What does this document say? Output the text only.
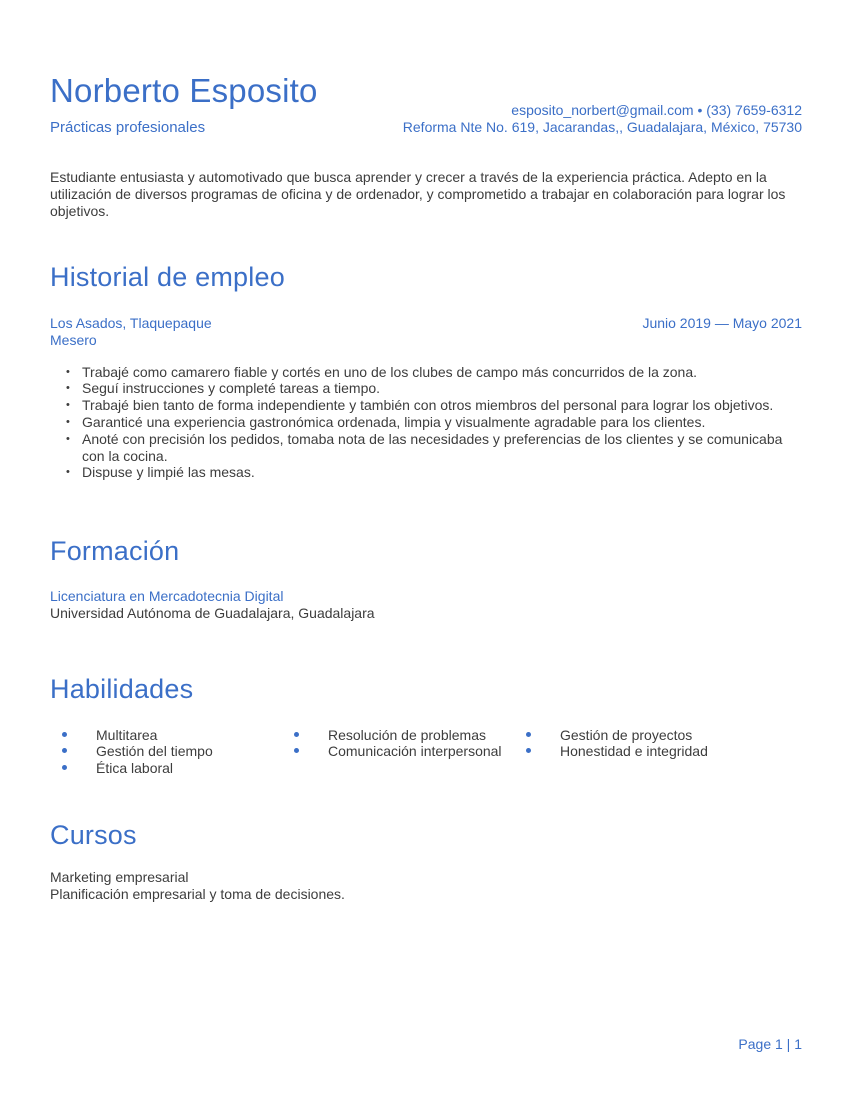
Norberto Esposito
Prácticas profesionales
esposito_norbert@gmail.com • (33) 7659-6312
Reforma Nte No. 619, Jacarandas,, Guadalajara, México, 75730

Estudiante entusiasta y automotivado que busca aprender y crecer a través de la experiencia práctica. Adepto en la utilización de diversos programas de oficina y de ordenador, y comprometido a trabajar en colaboración para lograr los objetivos.

Historial de empleo
Los Asados, Tlaquepaque	Junio 2019 — Mayo 2021
Mesero
• Trabajé como camarero fiable y cortés en uno de los clubes de campo más concurridos de la zona.
• Seguí instrucciones y completé tareas a tiempo.
• Trabajé bien tanto de forma independiente y también con otros miembros del personal para lograr los objetivos.
• Garanticé una experiencia gastronómica ordenada, limpia y visualmente agradable para los clientes.
• Anoté con precisión los pedidos, tomaba nota de las necesidades y preferencias de los clientes y se comunicaba con la cocina.
• Dispuse y limpié las mesas.
Formación
Licenciatura en Mercadotecnia Digital
Universidad Autónoma de Guadalajara, Guadalajara
Habilidades
Multitarea
Gestión del tiempo
Ética laboral
Resolución de problemas
Comunicación interpersonal
Gestión de proyectos
Honestidad e integridad
Cursos
Marketing empresarial
Planificación empresarial y toma de decisiones.
Page 1 | 1
